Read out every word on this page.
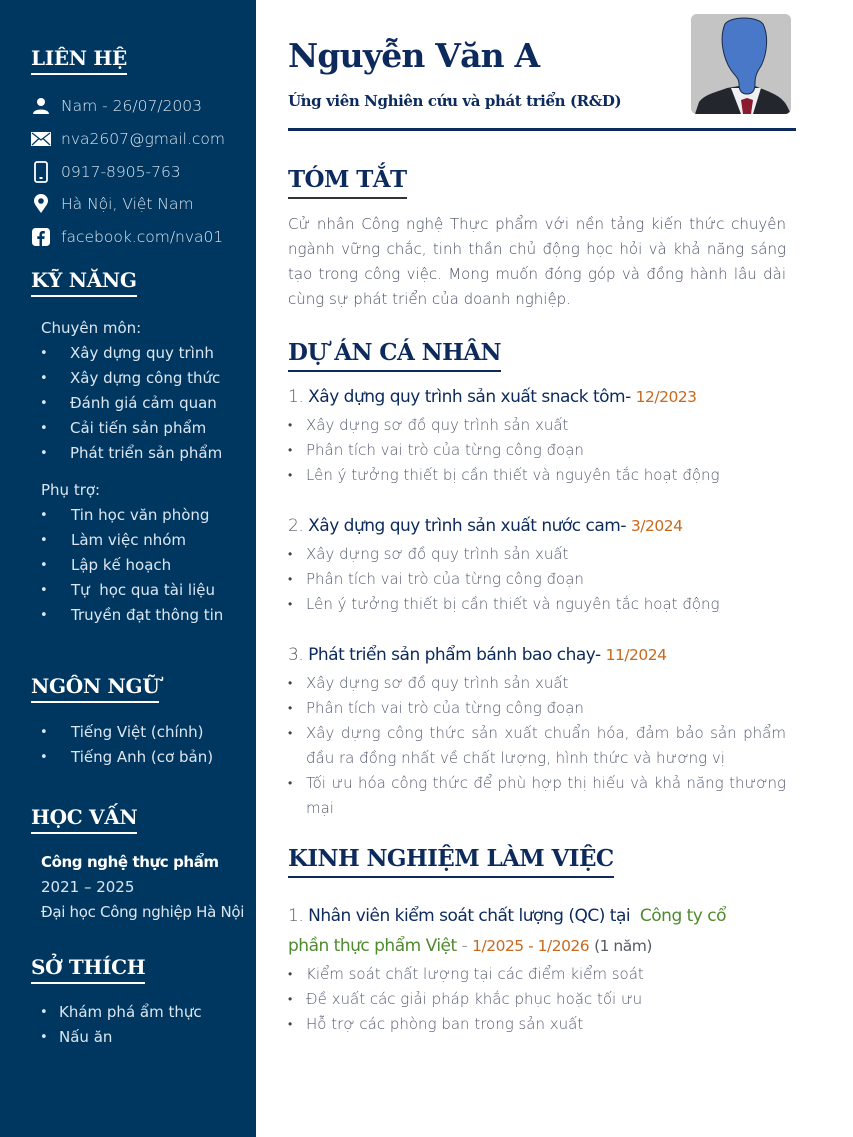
LIÊN HỆ
Nam - 26/07/2003
nva2607@gmail.com
0917-8905-763
Hà Nội, Việt Nam
facebook.com/nva01
KỸ NĂNG
Chuyên môn:
• Xây dựng quy trình
• Xây dựng công thức
• Đánh giá cảm quan
• Cải tiến sản phẩm
• Phát triển sản phẩm
Phụ trợ:
• Tin học văn phòng
• Làm việc nhóm
• Lập kế hoạch
• Tự  học qua tài liệu
• Truyền đạt thông tin
NGÔN NGỮ
• Tiếng Việt (chính)
• Tiếng Anh (cơ bản)
HỌC VẤN
Công nghệ thực phẩm
2021 – 2025
Đại học Công nghiệp Hà Nội
SỞ THÍCH
• Khám phá ẩm thực
• Nấu ăn
Nguyễn Văn A
Ứng viên Nghiên cứu và phát triển (R&D)
TÓM TẮT
Cử nhân Công nghệ Thực phẩm với nền tảng kiến thức chuyên ngành vững chắc, tinh thần chủ động học hỏi và khả năng sáng tạo trong công việc. Mong muốn đóng góp và đồng hành lâu dài cùng sự phát triển của doanh nghiệp.
DỰ ÁN CÁ NHÂN
1. Xây dựng quy trình sản xuất snack tôm- 12/2023
• Xây dựng sơ đồ quy trình sản xuất
• Phân tích vai trò của từng công đoạn
• Lên ý tưởng thiết bị cần thiết và nguyên tắc hoạt động
2. Xây dựng quy trình sản xuất nước cam- 3/2024
• Xây dựng sơ đồ quy trình sản xuất
• Phân tích vai trò của từng công đoạn
• Lên ý tưởng thiết bị cần thiết và nguyên tắc hoạt động
3. Phát triển sản phẩm bánh bao chay- 11/2024
• Xây dựng sơ đồ quy trình sản xuất
• Phân tích vai trò của từng công đoạn
• Xây dựng công thức sản xuất chuẩn hóa, đảm bảo sản phẩm đầu ra đồng nhất về chất lượng, hình thức và hương vị
• Tối ưu hóa công thức để phù hợp thị hiếu và khả năng thương mại
KINH NGHIỆM LÀM VIỆC
1. Nhân viên kiểm soát chất lượng (QC) tại Công ty cổ
phần thực phẩm Việt - 1/2025 - 1/2026 (1 năm)
• Kiểm soát chất lượng tại các điểm kiểm soát
• Đề xuất các giải pháp khắc phục hoặc tối ưu
• Hỗ trợ các phòng ban trong sản xuất
